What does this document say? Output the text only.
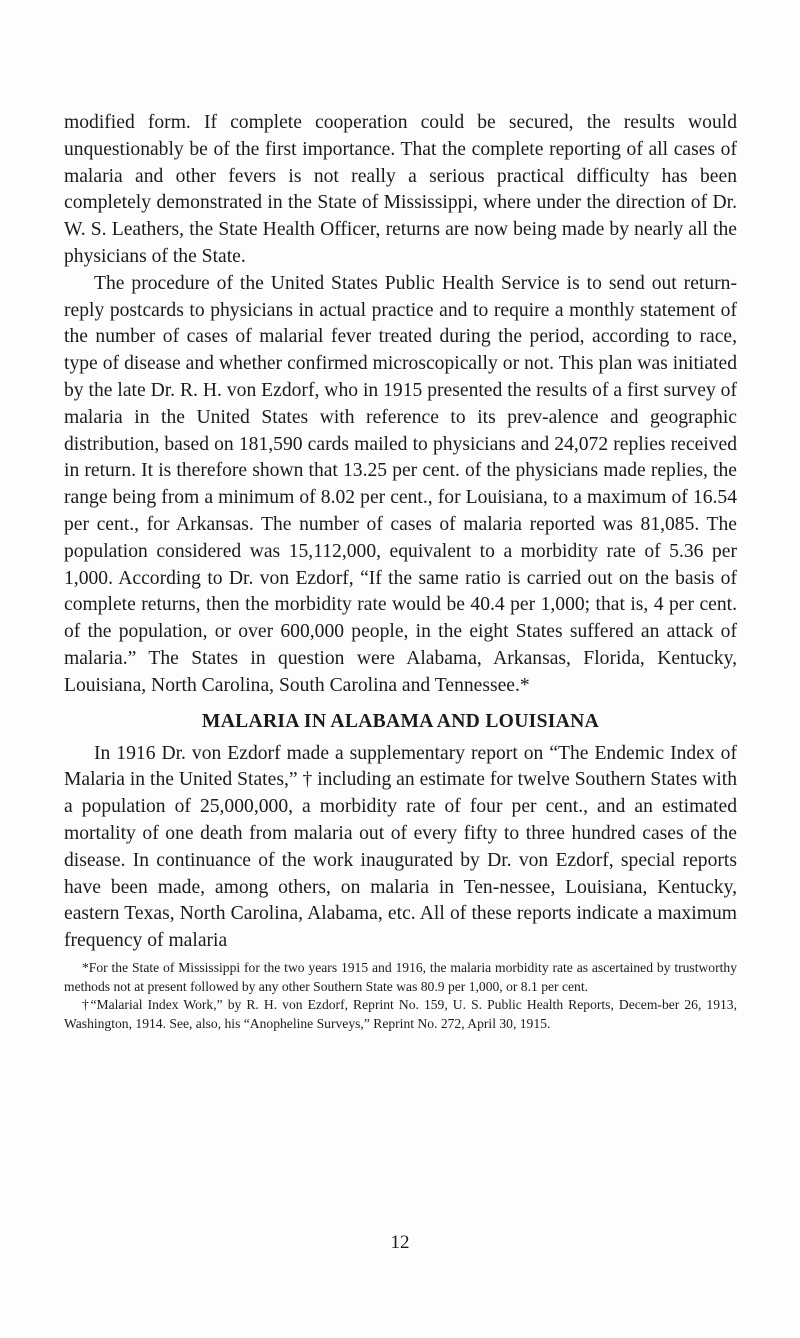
modified form. If complete cooperation could be secured, the results would unquestionably be of the first importance. That the complete reporting of all cases of malaria and other fevers is not really a serious practical difficulty has been completely demonstrated in the State of Mississippi, where under the direction of Dr. W. S. Leathers, the State Health Officer, returns are now being made by nearly all the physicians of the State.

The procedure of the United States Public Health Service is to send out return-reply postcards to physicians in actual practice and to require a monthly statement of the number of cases of malarial fever treated during the period, according to race, type of disease and whether confirmed microscopically or not. This plan was initiated by the late Dr. R. H. von Ezdorf, who in 1915 presented the results of a first survey of malaria in the United States with reference to its prev-alence and geographic distribution, based on 181,590 cards mailed to physicians and 24,072 replies received in return. It is therefore shown that 13.25 per cent. of the physicians made replies, the range being from a minimum of 8.02 per cent., for Louisiana, to a maximum of 16.54 per cent., for Arkansas. The number of cases of malaria reported was 81,085. The population considered was 15,112,000, equivalent to a morbidity rate of 5.36 per 1,000. According to Dr. von Ezdorf, “If the same ratio is carried out on the basis of complete returns, then the morbidity rate would be 40.4 per 1,000; that is, 4 per cent. of the population, or over 600,000 people, in the eight States suffered an attack of malaria.” The States in question were Alabama, Arkansas, Florida, Kentucky, Louisiana, North Carolina, South Carolina and Tennessee.*

MALARIA IN ALABAMA AND LOUISIANA

In 1916 Dr. von Ezdorf made a supplementary report on “The Endemic Index of Malaria in the United States,” † including an estimate for twelve Southern States with a population of 25,000,000, a morbidity rate of four per cent., and an estimated mortality of one death from malaria out of every fifty to three hundred cases of the disease. In continuance of the work inaugurated by Dr. von Ezdorf, special reports have been made, among others, on malaria in Ten-nessee, Louisiana, Kentucky, eastern Texas, North Carolina, Alabama, etc. All of these reports indicate a maximum frequency of malaria

*For the State of Mississippi for the two years 1915 and 1916, the malaria morbidity rate as ascertained by trustworthy methods not at present followed by any other Southern State was 80.9 per 1,000, or 8.1 per cent.

†“Malarial Index Work,” by R. H. von Ezdorf, Reprint No. 159, U. S. Public Health Reports, Decem-ber 26, 1913, Washington, 1914. See, also, his “Anopheline Surveys,” Reprint No. 272, April 30, 1915.

12
